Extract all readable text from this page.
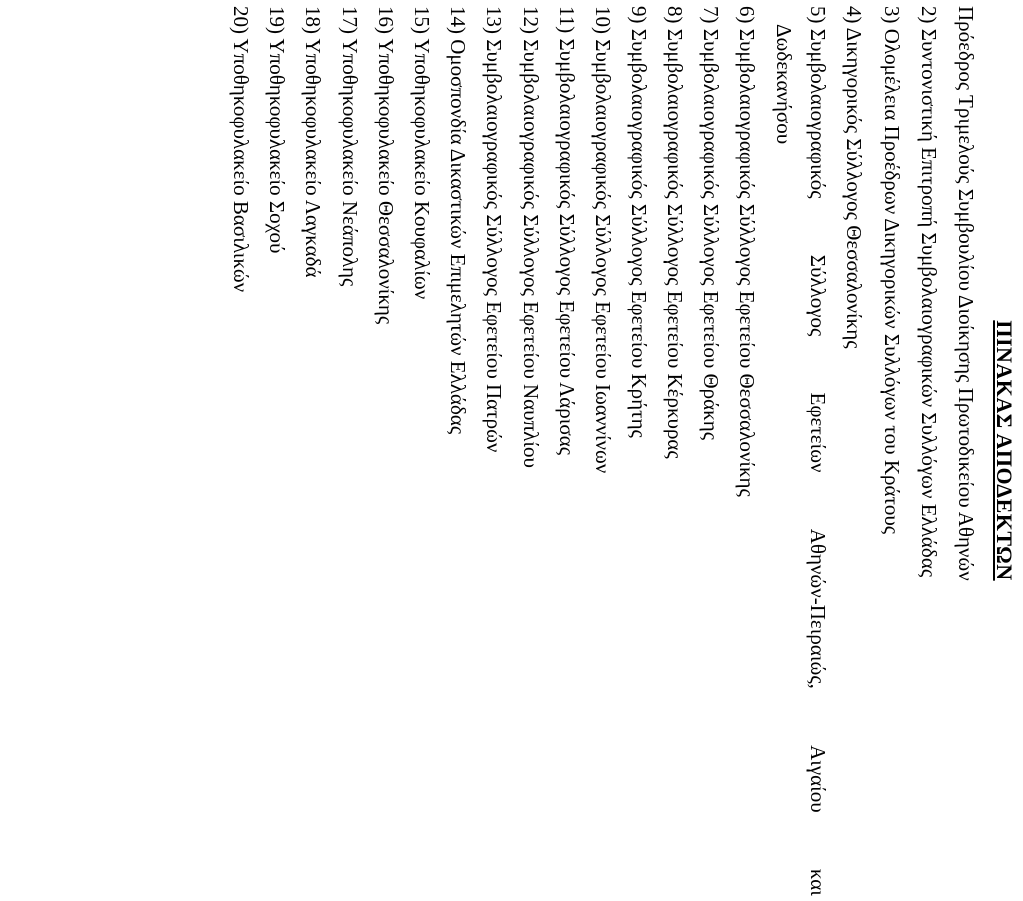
ΠΙΝΑΚΑΣ ΑΠΟΔΕΚΤΩΝ
Πρόεδρος Τριμελούς Συμβουλίου Διοίκησης Πρωτοδικείου Αθηνών
2) Συντονιστική Επιτροπή Συμβολαιογραφικών Συλλόγων Ελλάδας
3) Ολομέλεια Προέδρων Δικηγορικών Συλλόγων του Κράτους
4) Δικηγορικός Σύλλογος Θεσσαλονίκης
5) Συμβολαιογραφικός
Σύλλογος
Εφετείων
Αθηνών-Πειραιώς,
Αιγαίου
και
Δωδεκανήσου
6) Συμβολαιογραφικός Σύλλογος Εφετείου Θεσσαλονίκης
7) Συμβολαιογραφικός Σύλλογος Εφετείου Θράκης
8) Συμβολαιογραφικός Σύλλογος Εφετείου Κέρκυρας
9) Συμβολαιογραφικός Σύλλογος Εφετείου Κρήτης
10) Συμβολαιογραφικός Σύλλογος Εφετείου Ιωαννίνων
11) Συμβολαιογραφικός Σύλλογος Εφετείου Λάρισας
12) Συμβολαιογραφικός Σύλλογος Εφετείου Ναυπλίου
13) Συμβολαιογραφικός Σύλλογος Εφετείου Πατρών
14) Ομοσπονδία Δικαστικών Επιμελητών Ελλάδας
15) Υποθηκοφυλακείο Κουφαλίων
16) Υποθηκοφυλακείο Θεσσαλονίκης
17) Υποθηκοφυλακείο Νεάπολης
18) Υποθηκοφυλακείο Λαγκαδά
19) Υποθηκοφυλακείο Σοχού
20) Υποθηκοφυλακείο Βασιλικών
